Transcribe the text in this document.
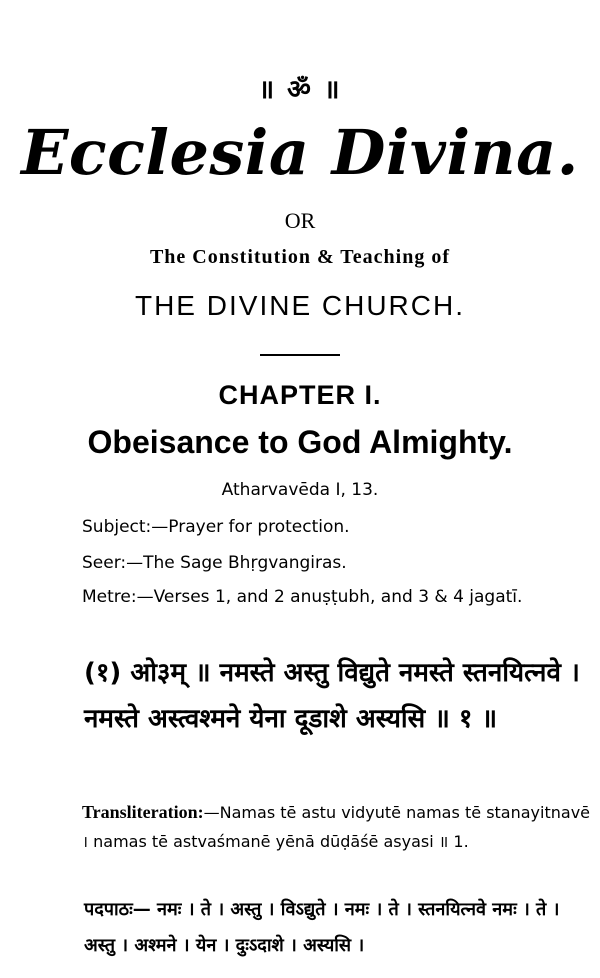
॥ ॐ ॥
Ecclesia Divina.
OR
The Constitution & Teaching of
THE DIVINE CHURCH.
CHAPTER I.
Obeisance to God Almighty.
Atharvavēda I, 13.
Subject:—Prayer for protection.
Seer:—The Sage Bhṛgvangiras.
Metre:—Verses 1, and 2 anuṣṭubh, and 3 & 4 jagatī.
(१) ओ३म् ॥ नमस्ते अस्तु विद्युते नमस्ते स्तनयित्नवे । नमस्ते अस्त्वश्मने येना दूडाशे अस्यसि ॥ १ ॥
Transliteration:—Namas tē astu vidyutē namas tē stanayitnavē । namas tē astvaśmanē yēnā dūḍāśē asyasi ॥ 1.
पदपाठः— नमः । ते । अस्तु । विऽद्युते । नमः । ते । स्तनयित्नवे नमः । ते । अस्तु । अश्मने । येन । दुःऽदाशे । अस्यसि ।
